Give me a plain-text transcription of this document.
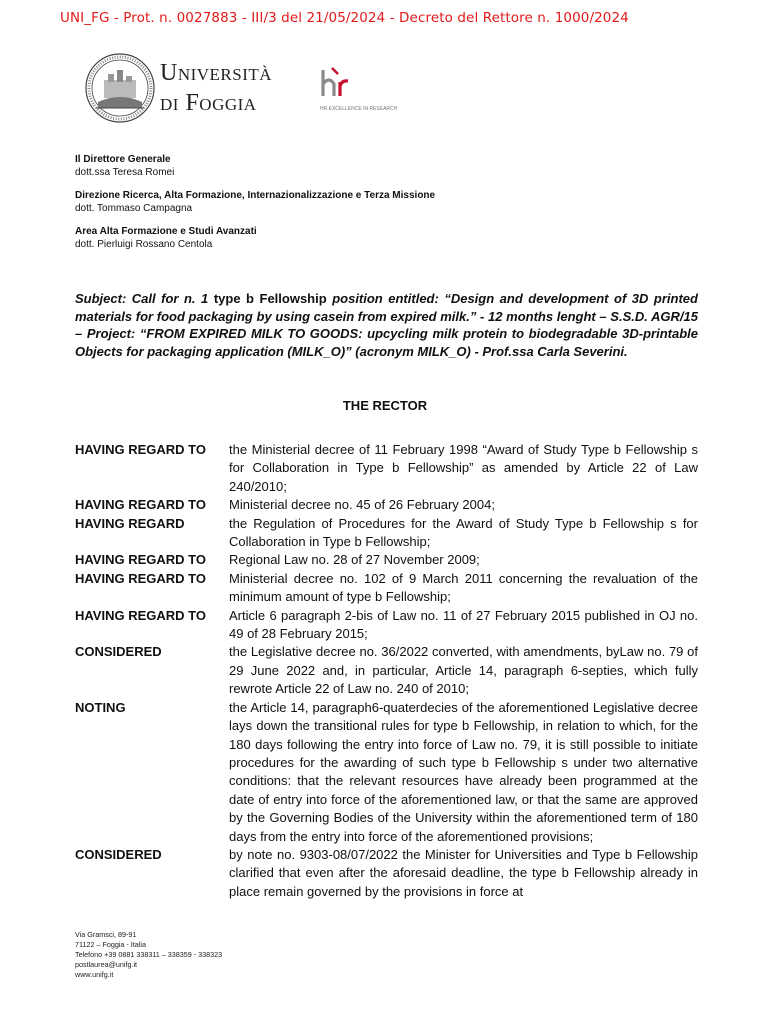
UNI_FG - Prot. n. 0027883 - III/3 del 21/05/2024 - Decreto del Rettore n. 1000/2024
Università
di Foggia	HR EXCELLENCE IN RESEARCH
Il Direttore Generale
dott.ssa Teresa Romei
Direzione Ricerca, Alta Formazione, Internazionalizzazione e Terza Missione
dott. Tommaso Campagna
Area Alta Formazione e Studi Avanzati
dott. Pierluigi Rossano Centola
Subject: Call for n. 1 type b Fellowship position entitled: “Design and development of 3D printed materials for food packaging by using casein from expired milk.” - 12 months lenght – S.S.D. AGR/15 – Project: “FROM EXPIRED MILK TO GOODS: upcycling milk protein to biodegradable 3D-printable Objects for packaging application (MILK_O)” (acronym MILK_O) - Prof.ssa Carla Severini.
THE RECTOR
HAVING REGARD TO	the Ministerial decree of 11 February 1998 “Award of Study Type b Fellowship s for Collaboration in Type b Fellowship” as amended by Article 22 of Law 240/2010;
HAVING REGARD TO	Ministerial decree no. 45 of 26 February 2004;
HAVING REGARD	the Regulation of Procedures for the Award of Study Type b Fellowship s for Collaboration in Type b Fellowship;
HAVING REGARD TO	Regional Law no. 28 of 27 November 2009;
HAVING REGARD TO	Ministerial decree no. 102 of 9 March 2011 concerning the revaluation of the minimum amount of type b Fellowship;
HAVING REGARD TO	Article 6 paragraph 2-bis of Law no. 11 of 27 February 2015 published in OJ no. 49 of 28 February 2015;
CONSIDERED	the Legislative decree no. 36/2022 converted, with amendments, byLaw no. 79 of 29 June 2022 and, in particular, Article 14, paragraph 6-septies, which fully rewrote Article 22 of Law no. 240 of 2010;
NOTING	the Article 14, paragraph6-quaterdecies of the aforementioned Legislative decree lays down the transitional rules for type b Fellowship, in relation to which, for the 180 days following the entry into force of Law no. 79, it is still possible to initiate procedures for the awarding of such type b Fellowship s under two alternative conditions: that the relevant resources have already been programmed at the date of entry into force of the aforementioned law, or that the same are approved by the Governing Bodies of the University within the aforementioned term of 180 days from the entry into force of the aforementioned provisions;
CONSIDERED	by note no. 9303-08/07/2022 the Minister for Universities and Type b Fellowship clarified that even after the aforesaid deadline, the type b Fellowship already in place remain governed by the provisions in force at
Via Gramsci, 89-91
71122 – Foggia - Italia
Telefono +39 0881 338311 – 338359 - 338323
postlaurea@unifg.it
www.unifg.it
